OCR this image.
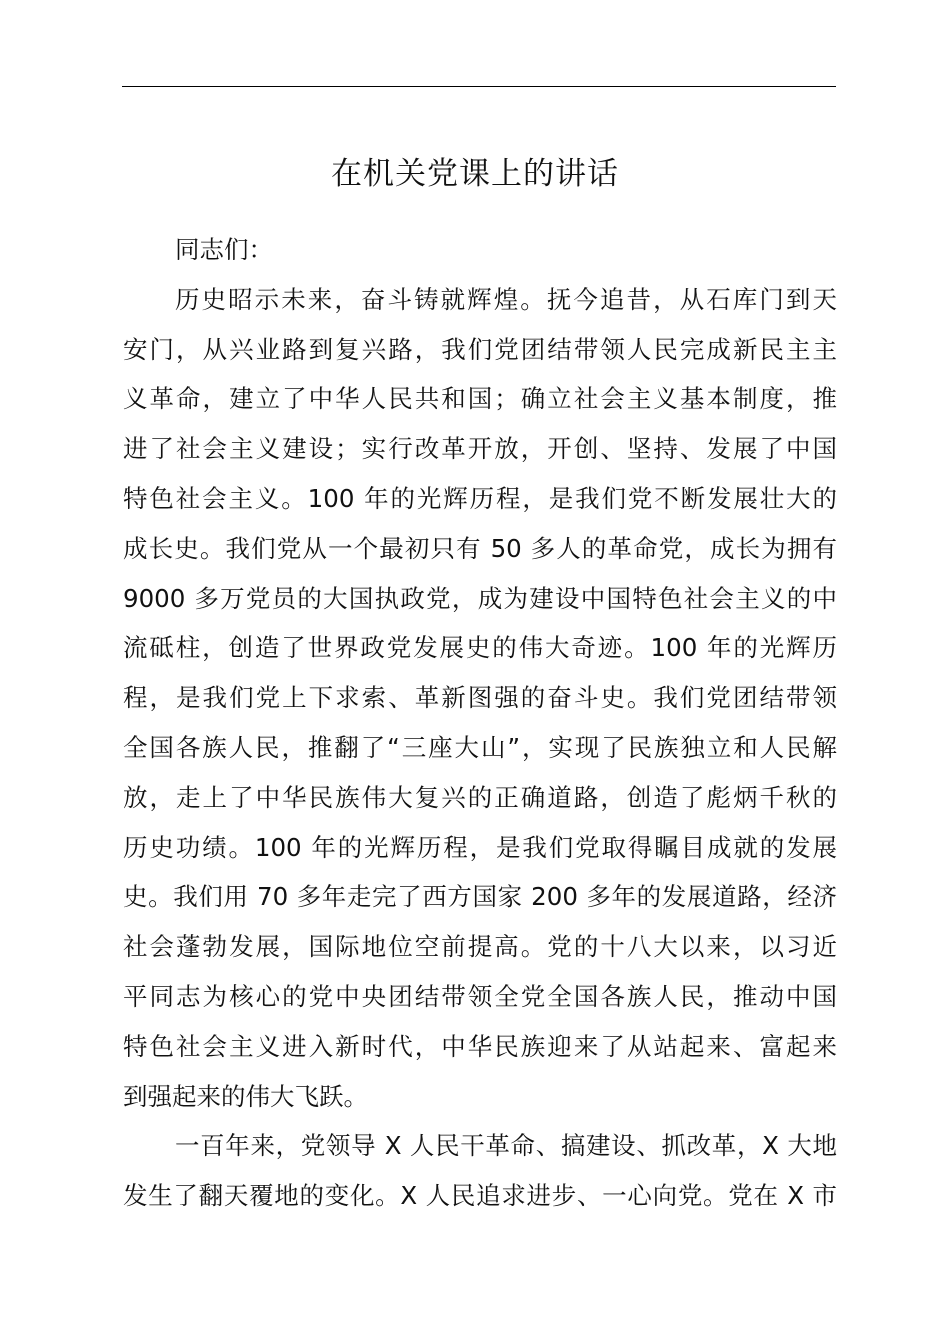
在机关党课上的讲话
同志们：
历史昭示未来，奋斗铸就辉煌。抚今追昔，从石库门到天
安门，从兴业路到复兴路，我们党团结带领人民完成新民主主
义革命，建立了中华人民共和国；确立社会主义基本制度，推
进了社会主义建设；实行改革开放，开创、坚持、发展了中国
特色社会主义。100 年的光辉历程，是我们党不断发展壮大的
成长史。我们党从一个最初只有 50 多人的革命党，成长为拥有
9000 多万党员的大国执政党，成为建设中国特色社会主义的中
流砥柱，创造了世界政党发展史的伟大奇迹。100 年的光辉历
程，是我们党上下求索、革新图强的奋斗史。我们党团结带领
全国各族人民，推翻了“三座大山”，实现了民族独立和人民解
放，走上了中华民族伟大复兴的正确道路，创造了彪炳千秋的
历史功绩。100 年的光辉历程，是我们党取得瞩目成就的发展
史。我们用 70 多年走完了西方国家 200 多年的发展道路，经济
社会蓬勃发展，国际地位空前提高。党的十八大以来，以习近
平同志为核心的党中央团结带领全党全国各族人民，推动中国
特色社会主义进入新时代，中华民族迎来了从站起来、富起来
到强起来的伟大飞跃。
一百年来，党领导 X 人民干革命、搞建设、抓改革，X 大地
发生了翻天覆地的变化。X 人民追求进步、一心向党。党在 X 市
